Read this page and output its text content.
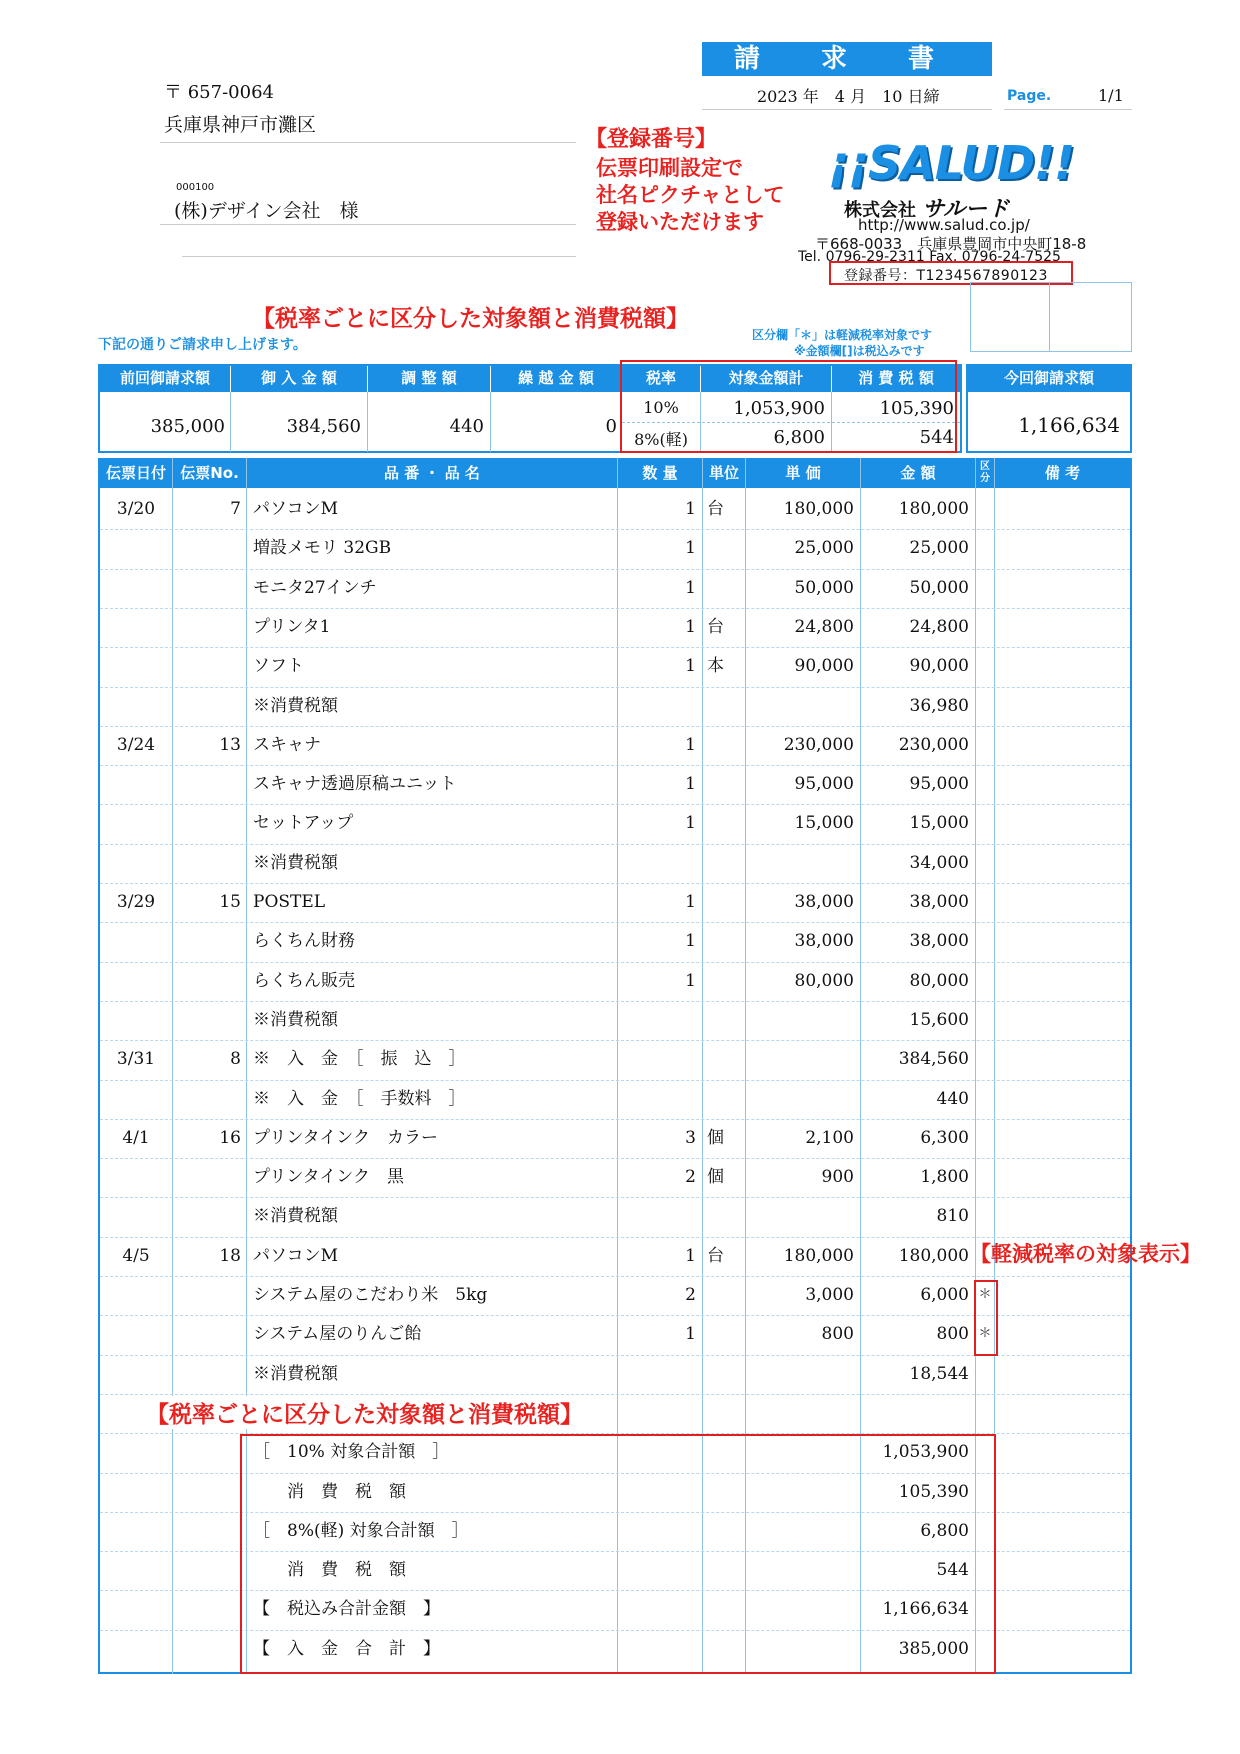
請 求 書
2023 年　4 月　10 日締	Page.	1/1
〒 657-0064
兵庫県神戸市灘区
000100
(株)デザイン会社　様
【登録番号】
伝票印刷設定で
社名ピクチャとして
登録いただけます
¡¡SALUD!!
株式会社 サルード
http://www.salud.co.jp/
〒668-0033　兵庫県豊岡市中央町18-8
Tel. 0796-29-2311 Fax. 0796-24-7525
登録番号：T1234567890123
【税率ごとに区分した対象額と消費税額】
下記の通りご請求申し上げます。
区分欄「＊」は軽減税率対象です
※金額欄[]は税込みです
前回御請求額	御 入 金 額	調 整 額	繰 越 金 額	税率	対象金額計	消 費 税 額
385,000	384,560	440	0
10%	1,053,900	105,390
8%(軽)	6,800	544
今回御請求額
1,166,634
伝票日付 伝票No.	品 番 ・ 品 名	数 量	単位	単 価	金 額	区分	備 考
3/20	7 パソコンM	1 台	180,000	180,000
増設メモリ 32GB	1	25,000	25,000
モニタ27インチ	1	50,000	50,000
プリンタ1	1 台	24,800	24,800
ソフト	1 本	90,000	90,000
※消費税額	36,980
3/24	13 スキャナ	1	230,000	230,000
スキャナ透過原稿ユニット	1	95,000	95,000
セットアップ	1	15,000	15,000
※消費税額	34,000
3/29	15 POSTEL	1	38,000	38,000
らくちん財務	1	38,000	38,000
らくちん販売	1	80,000	80,000
※消費税額	15,600
3/31	8 ※　入　金　［　振　込　］	384,560
※　入　金　［　手数料　］	440
4/1	16 プリンタインク　カラー	3 個	2,100	6,300
プリンタインク　黒	2 個	900	1,800
※消費税額	810
4/5	18 パソコンM	1 台	180,000	180,000
システム屋のこだわり米　5kg	2	3,000	6,000 ＊
システム屋のりんご飴	1	800	800 ＊
※消費税額	18,544
［　10% 対象合計額　］	1,053,900
　　消　費　税　額	105,390
［　8%(軽) 対象合計額　］	6,800
　　消　費　税　額	544
【　税込み合計金額　】	1,166,634
【　入　金　合　計　】	385,000
【軽減税率の対象表示】
【税率ごとに区分した対象額と消費税額】
